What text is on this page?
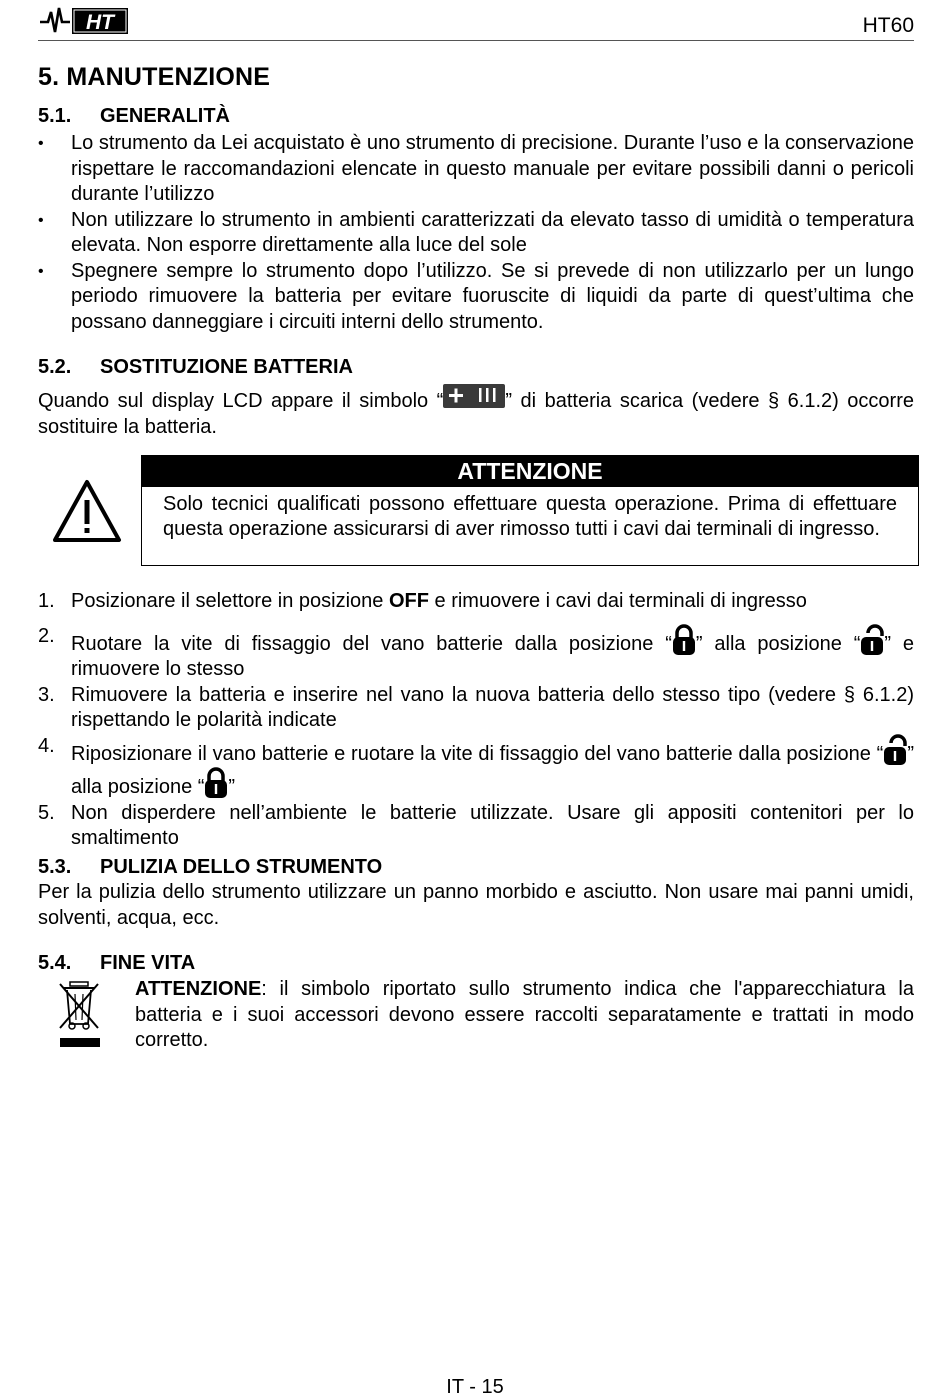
HT	HT60
5. MANUTENZIONE
5.1. GENERALITÀ
• Lo strumento da Lei acquistato è uno strumento di precisione. Durante l’uso e la conservazione rispettare le raccomandazioni elencate in questo manuale per evitare possibili danni o pericoli durante l’utilizzo
• Non utilizzare lo strumento in ambienti caratterizzati da elevato tasso di umidità o temperatura elevata. Non esporre direttamente alla luce del sole
• Spegnere sempre lo strumento dopo l’utilizzo. Se si prevede di non utilizzarlo per un lungo periodo rimuovere la batteria per evitare fuoruscite di liquidi da parte di quest’ultima che possano danneggiare i circuiti interni dello strumento.
5.2. SOSTITUZIONE BATTERIA
Quando sul display LCD appare il simbolo “	” di batteria scarica (vedere § 6.1.2) occorre sostituire la batteria.
ATTENZIONE
Solo tecnici qualificati possono effettuare questa operazione. Prima di effettuare questa operazione assicurarsi di aver rimosso tutti i cavi dai terminali di ingresso.
1. Posizionare il selettore in posizione OFF e rimuovere i cavi dai terminali di ingresso
2. Ruotare la vite di fissaggio del vano batterie dalla posizione “ ” alla posizione “ ” e rimuovere lo stesso
3. Rimuovere la batteria e inserire nel vano la nuova batteria dello stesso tipo (vedere § 6.1.2) rispettando le polarità indicate
4. Riposizionare il vano batterie e ruotare la vite di fissaggio del vano batterie dalla posizione “ ” alla posizione “ ”
5. Non disperdere nell’ambiente le batterie utilizzate. Usare gli appositi contenitori per lo smaltimento
5.3. PULIZIA DELLO STRUMENTO
Per la pulizia dello strumento utilizzare un panno morbido e asciutto. Non usare mai panni umidi, solventi, acqua, ecc.
5.4. FINE VITA
ATTENZIONE: il simbolo riportato sullo strumento indica che l'apparecchiatura la batteria e i suoi accessori devono essere raccolti separatamente e trattati in modo corretto.
IT - 15
